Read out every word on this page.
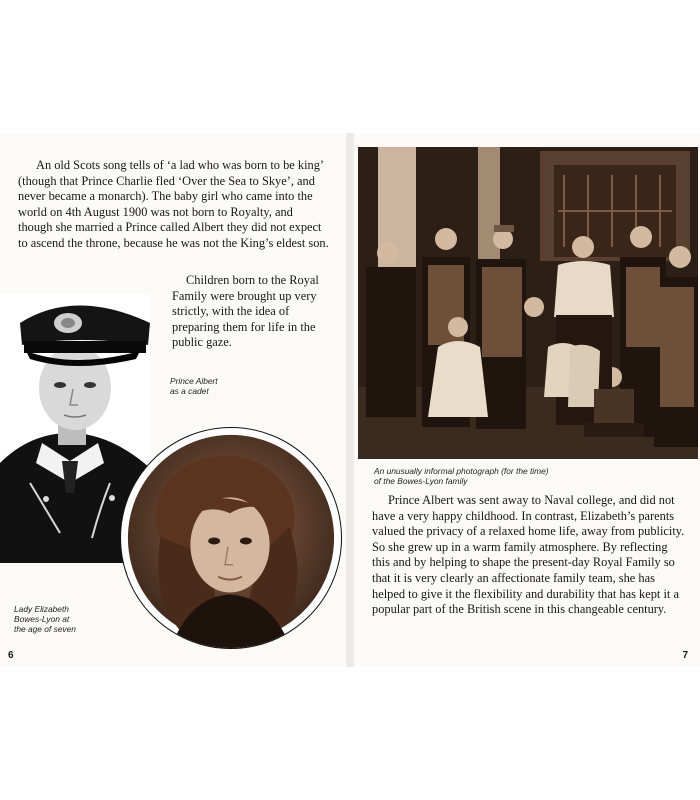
An old Scots song tells of ‘a lad who was born to be king’ (though that Prince Charlie fled ‘Over the Sea to Skye’, and never became a monarch). The baby girl who came into the world on 4th August 1900 was not born to Royalty, and though she married a Prince called Albert they did not expect to ascend the throne, because he was not the King’s eldest son.

Children born to the Royal Family were brought up very strictly, with the idea of preparing them for life in the public gaze.

Prince Albert
as a cadet
Lady Elizabeth
Bowes-Lyon at
the age of seven
6
An unusually informal photograph (for the time)
of the Bowes-Lyon family

Prince Albert was sent away to Naval college, and did not have a very happy childhood. In contrast, Elizabeth’s parents valued the privacy of a relaxed home life, away from publicity. So she grew up in a warm family atmosphere. By reflecting this and by helping to shape the present-day Royal Family so that it is very clearly an affectionate family team, she has helped to give it the flexibility and durability that has kept it a popular part of the British scene in this changeable century.

7
